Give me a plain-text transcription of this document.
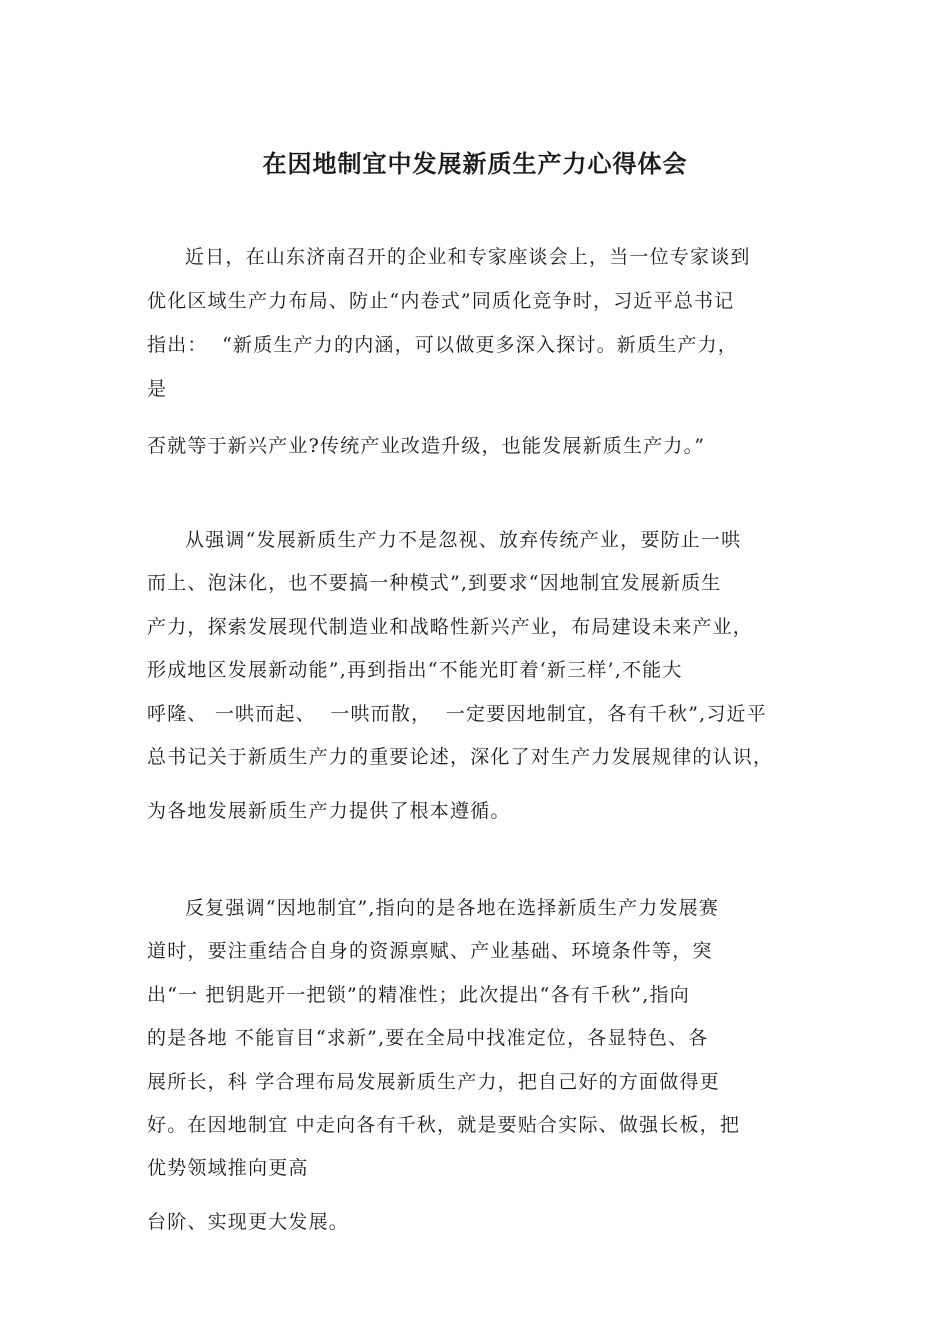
在因地制宜中发展新质生产力心得体会
近日，在山东济南召开的企业和专家座谈会上，当一位专家谈到
优化区域生产力布局、防止“内卷式”同质化竞争时，习近平总书记
指出：  “新质生产力的内涵，可以做更多深入探讨。新质生产力，
是
否就等于新兴产业?传统产业改造升级，也能发展新质生产力。”
从强调“发展新质生产力不是忽视、放弃传统产业，要防止一哄
而上、泡沫化，也不要搞一种模式”,到要求“因地制宜发展新质生
产力，探索发展现代制造业和战略性新兴产业，布局建设未来产业，
形成地区发展新动能”,再到指出“不能光盯着‘新三样’,不能大
呼隆、 一哄而起、  一哄而散，  一定要因地制宜，各有千秋”,习近平
总书记关于新质生产力的重要论述，深化了对生产力发展规律的认识，
为各地发展新质生产力提供了根本遵循。
反复强调“因地制宜”,指向的是各地在选择新质生产力发展赛
道时，要注重结合自身的资源禀赋、产业基础、环境条件等，突
出“一 把钥匙开一把锁”的精准性；此次提出“各有千秋”,指向
的是各地 不能盲目“求新”,要在全局中找准定位，各显特色、各
展所长，科 学合理布局发展新质生产力，把自己好的方面做得更
好。在因地制宜 中走向各有千秋，就是要贴合实际、做强长板，把
优势领域推向更高
台阶、实现更大发展。
